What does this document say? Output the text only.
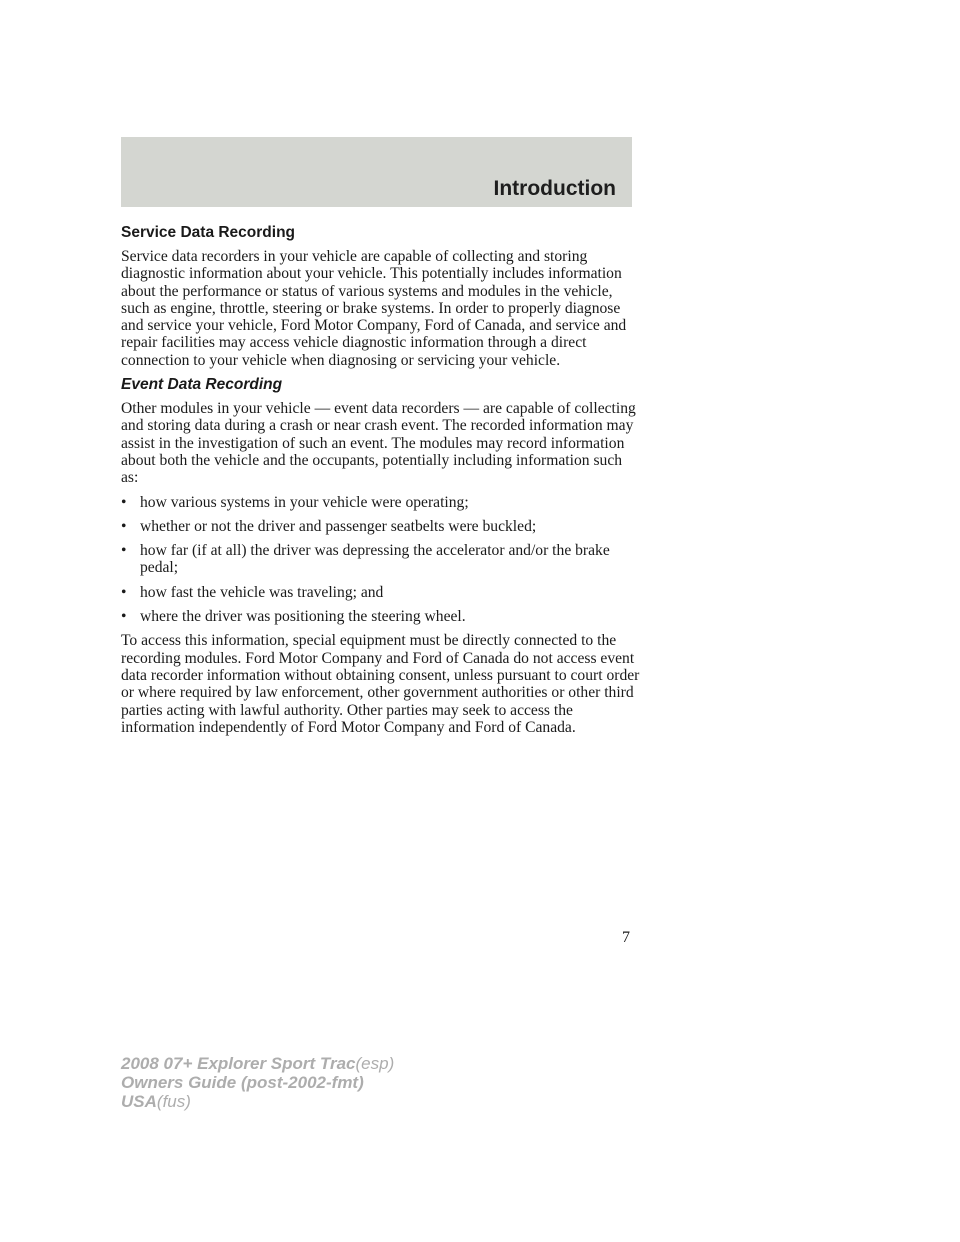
Introduction
Service Data Recording

Service data recorders in your vehicle are capable of collecting and storing diagnostic information about your vehicle. This potentially includes information about the performance or status of various systems and modules in the vehicle, such as engine, throttle, steering or brake systems. In order to properly diagnose and service your vehicle, Ford Motor Company, Ford of Canada, and service and repair facilities may access vehicle diagnostic information through a direct connection to your vehicle when diagnosing or servicing your vehicle.

Event Data Recording

Other modules in your vehicle — event data recorders — are capable of collecting and storing data during a crash or near crash event. The recorded information may assist in the investigation of such an event. The modules may record information about both the vehicle and the occupants, potentially including information such as:

• how various systems in your vehicle were operating;
• whether or not the driver and passenger seatbelts were buckled;
• how far (if at all) the driver was depressing the accelerator and/or the brake pedal;
• how fast the vehicle was traveling; and
• where the driver was positioning the steering wheel.

To access this information, special equipment must be directly connected to the recording modules. Ford Motor Company and Ford of Canada do not access event data recorder information without obtaining consent, unless pursuant to court order or where required by law enforcement, other government authorities or other third parties acting with lawful authority. Other parties may seek to access the information independently of Ford Motor Company and Ford of Canada.

7
2008 07+ Explorer Sport Trac(esp)
Owners Guide (post-2002-fmt)
USA(fus)
